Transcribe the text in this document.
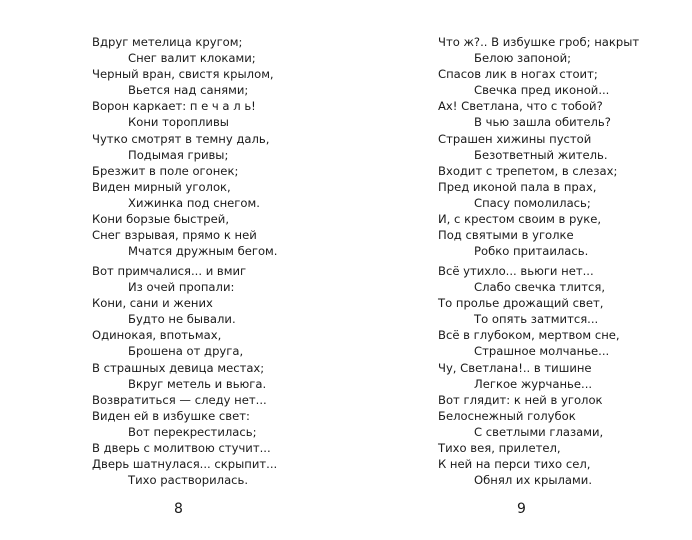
Вдруг метелица кругом;
Снег валит клоками;
Черный вран, свистя крылом,
Вьется над санями;
Ворон каркает: п е ч а л ь!
Кони торопливы
Чутко смотрят в темну даль,
Подымая гривы;
Брезжит в поле огонек;
Виден мирный уголок,
Хижинка под снегом.
Кони борзые быстрей,
Снег взрывая, прямо к ней
Мчатся дружным бегом.
Вот примчалися... и вмиг
Из очей пропали:
Кони, сани и жених
Будто не бывали.
Одинокая, впотьмах,
Брошена от друга,
В страшных девица местах;
Вкруг метель и вьюга.
Возвратиться — следу нет...
Виден ей в избушке свет:
Вот перекрестилась;
В дверь с молитвою стучит...
Дверь шатнулася... скрыпит...
Тихо растворилась.
8
Что ж?.. В избушке гроб; накрыт
Белою запоной;
Спасов лик в ногах стоит;
Свечка пред иконой...
Ах! Светлана, что с тобой?
В чью зашла обитель?
Страшен хижины пустой
Безответный житель.
Входит с трепетом, в слезах;
Пред иконой пала в прах,
Спасу помолилась;
И, с крестом своим в руке,
Под святыми в уголке
Робко притаилась.
Всё утихло... вьюги нет...
Слабо свечка тлится,
То пролье дрожащий свет,
То опять затмится...
Всё в глубоком, мертвом сне,
Страшное молчанье...
Чу, Светлана!.. в тишине
Легкое журчанье...
Вот глядит: к ней в уголок
Белоснежный голубок
С светлыми глазами,
Тихо вея, прилетел,
К ней на перси тихо сел,
Обнял их крылами.
9
